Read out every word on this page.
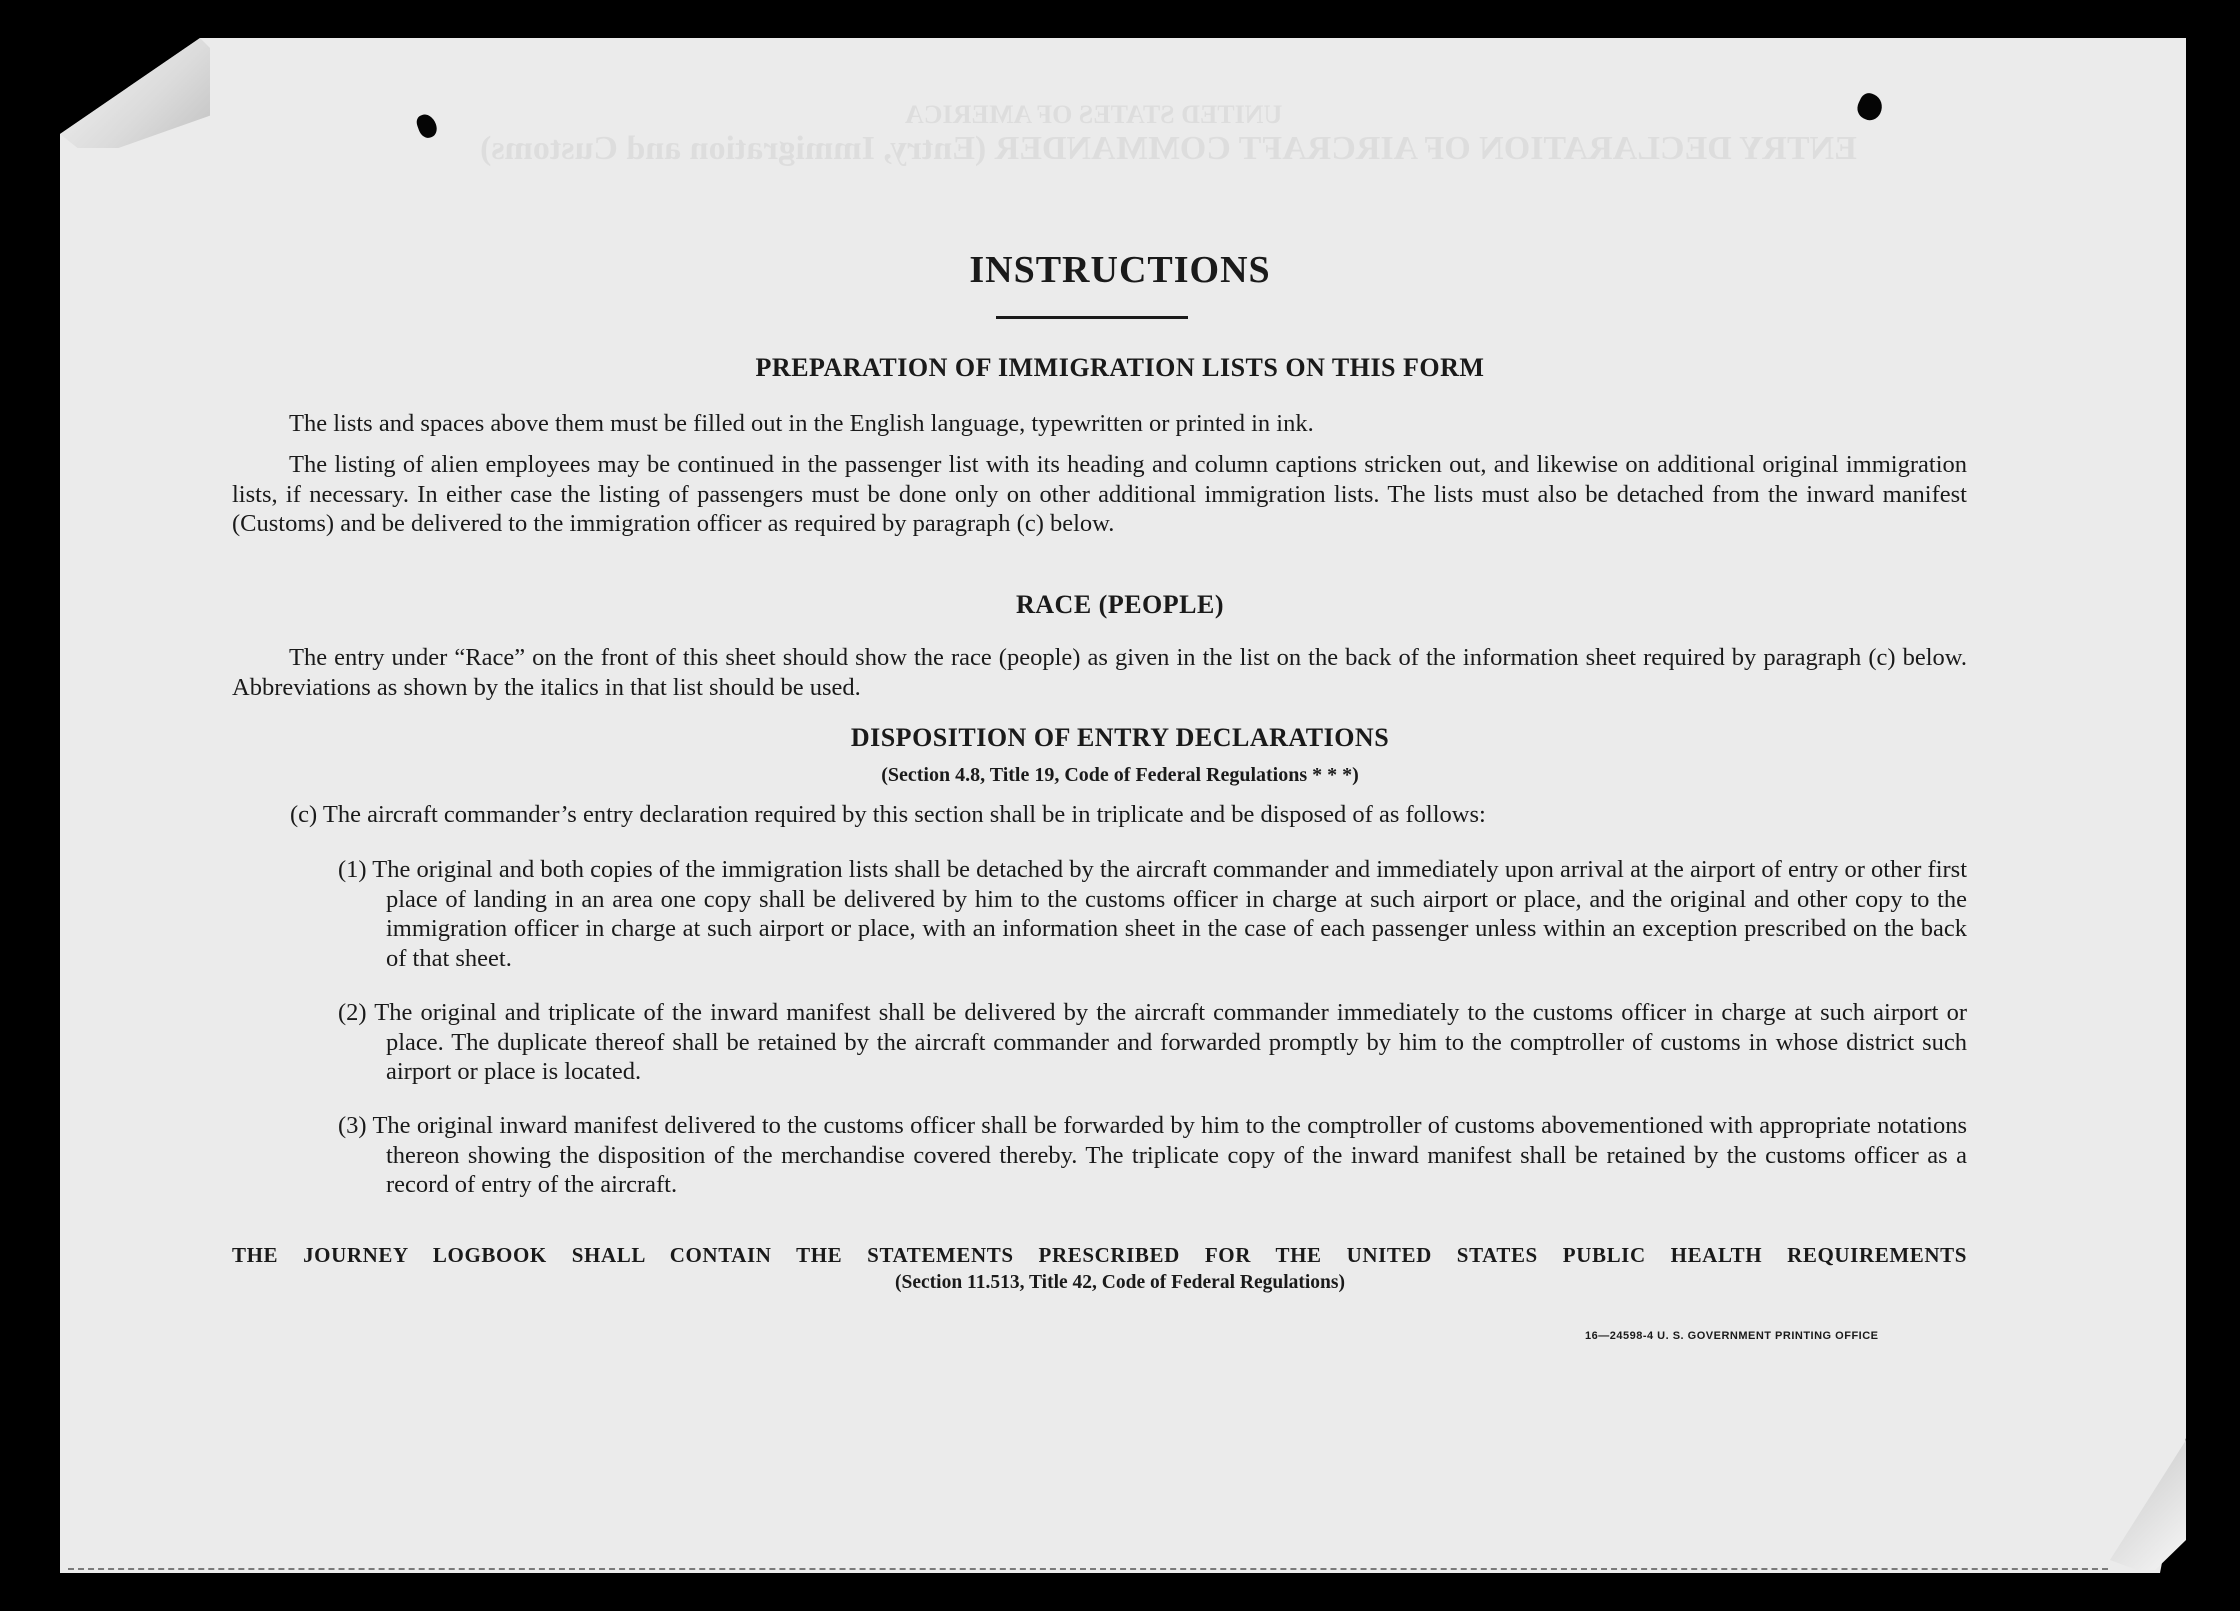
UNITED STATES OF AMERICA
ENTRY DECLARATION OF AIRCRAFT COMMANDER (Entry, Immigration and Customs)
INSTRUCTIONS
PREPARATION OF IMMIGRATION LISTS ON THIS FORM
The lists and spaces above them must be filled out in the English language, typewritten or printed in ink.
The listing of alien employees may be continued in the passenger list with its heading and column captions stricken out, and likewise on additional original immigration lists, if necessary. In either case the listing of passengers must be done only on other additional immigration lists. The lists must also be detached from the inward manifest (Customs) and be delivered to the immigration officer as required by paragraph (c) below.
RACE (PEOPLE)
The entry under “Race” on the front of this sheet should show the race (people) as given in the list on the back of the information sheet required by paragraph (c) below. Abbreviations as shown by the italics in that list should be used.
DISPOSITION OF ENTRY DECLARATIONS
(Section 4.8, Title 19, Code of Federal Regulations * * *)
(c) The aircraft commander’s entry declaration required by this section shall be in triplicate and be disposed of as follows:
(1) The original and both copies of the immigration lists shall be detached by the aircraft commander and immediately upon arrival at the airport of entry or other first place of landing in an area one copy shall be delivered by him to the customs officer in charge at such airport or place, and the original and other copy to the immigration officer in charge at such airport or place, with an information sheet in the case of each passenger unless within an exception prescribed on the back of that sheet.
(2) The original and triplicate of the inward manifest shall be delivered by the aircraft commander immediately to the customs officer in charge at such airport or place. The duplicate thereof shall be retained by the aircraft commander and forwarded promptly by him to the comptroller of customs in whose district such airport or place is located.
(3) The original inward manifest delivered to the customs officer shall be forwarded by him to the comptroller of customs abovementioned with appropriate notations thereon showing the disposition of the merchandise covered thereby. The triplicate copy of the inward manifest shall be retained by the customs officer as a record of entry of the aircraft.
THE JOURNEY LOGBOOK SHALL CONTAIN THE STATEMENTS PRESCRIBED FOR THE UNITED STATES PUBLIC HEALTH REQUIREMENTS
(Section 11.513, Title 42, Code of Federal Regulations)
16—24598-4 U. S. GOVERNMENT PRINTING OFFICE
